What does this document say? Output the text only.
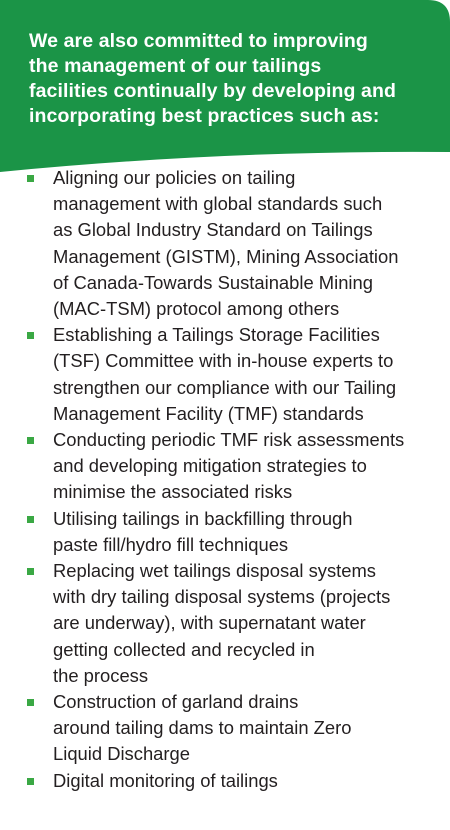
We are also committed to improving
the management of our tailings
facilities continually by developing and
incorporating best practices such as:
Aligning our policies on tailing
management with global standards such
as Global Industry Standard on Tailings
Management (GISTM), Mining Association
of Canada-Towards Sustainable Mining
(MAC-TSM) protocol among others
Establishing a Tailings Storage Facilities
(TSF) Committee with in-house experts to
strengthen our compliance with our Tailing
Management Facility (TMF) standards
Conducting periodic TMF risk assessments
and developing mitigation strategies to
minimise the associated risks
Utilising tailings in backfilling through
paste fill/hydro fill techniques
Replacing wet tailings disposal systems
with dry tailing disposal systems (projects
are underway), with supernatant water
getting collected and recycled in
the process
Construction of garland drains
around tailing dams to maintain Zero
Liquid Discharge
Digital monitoring of tailings
